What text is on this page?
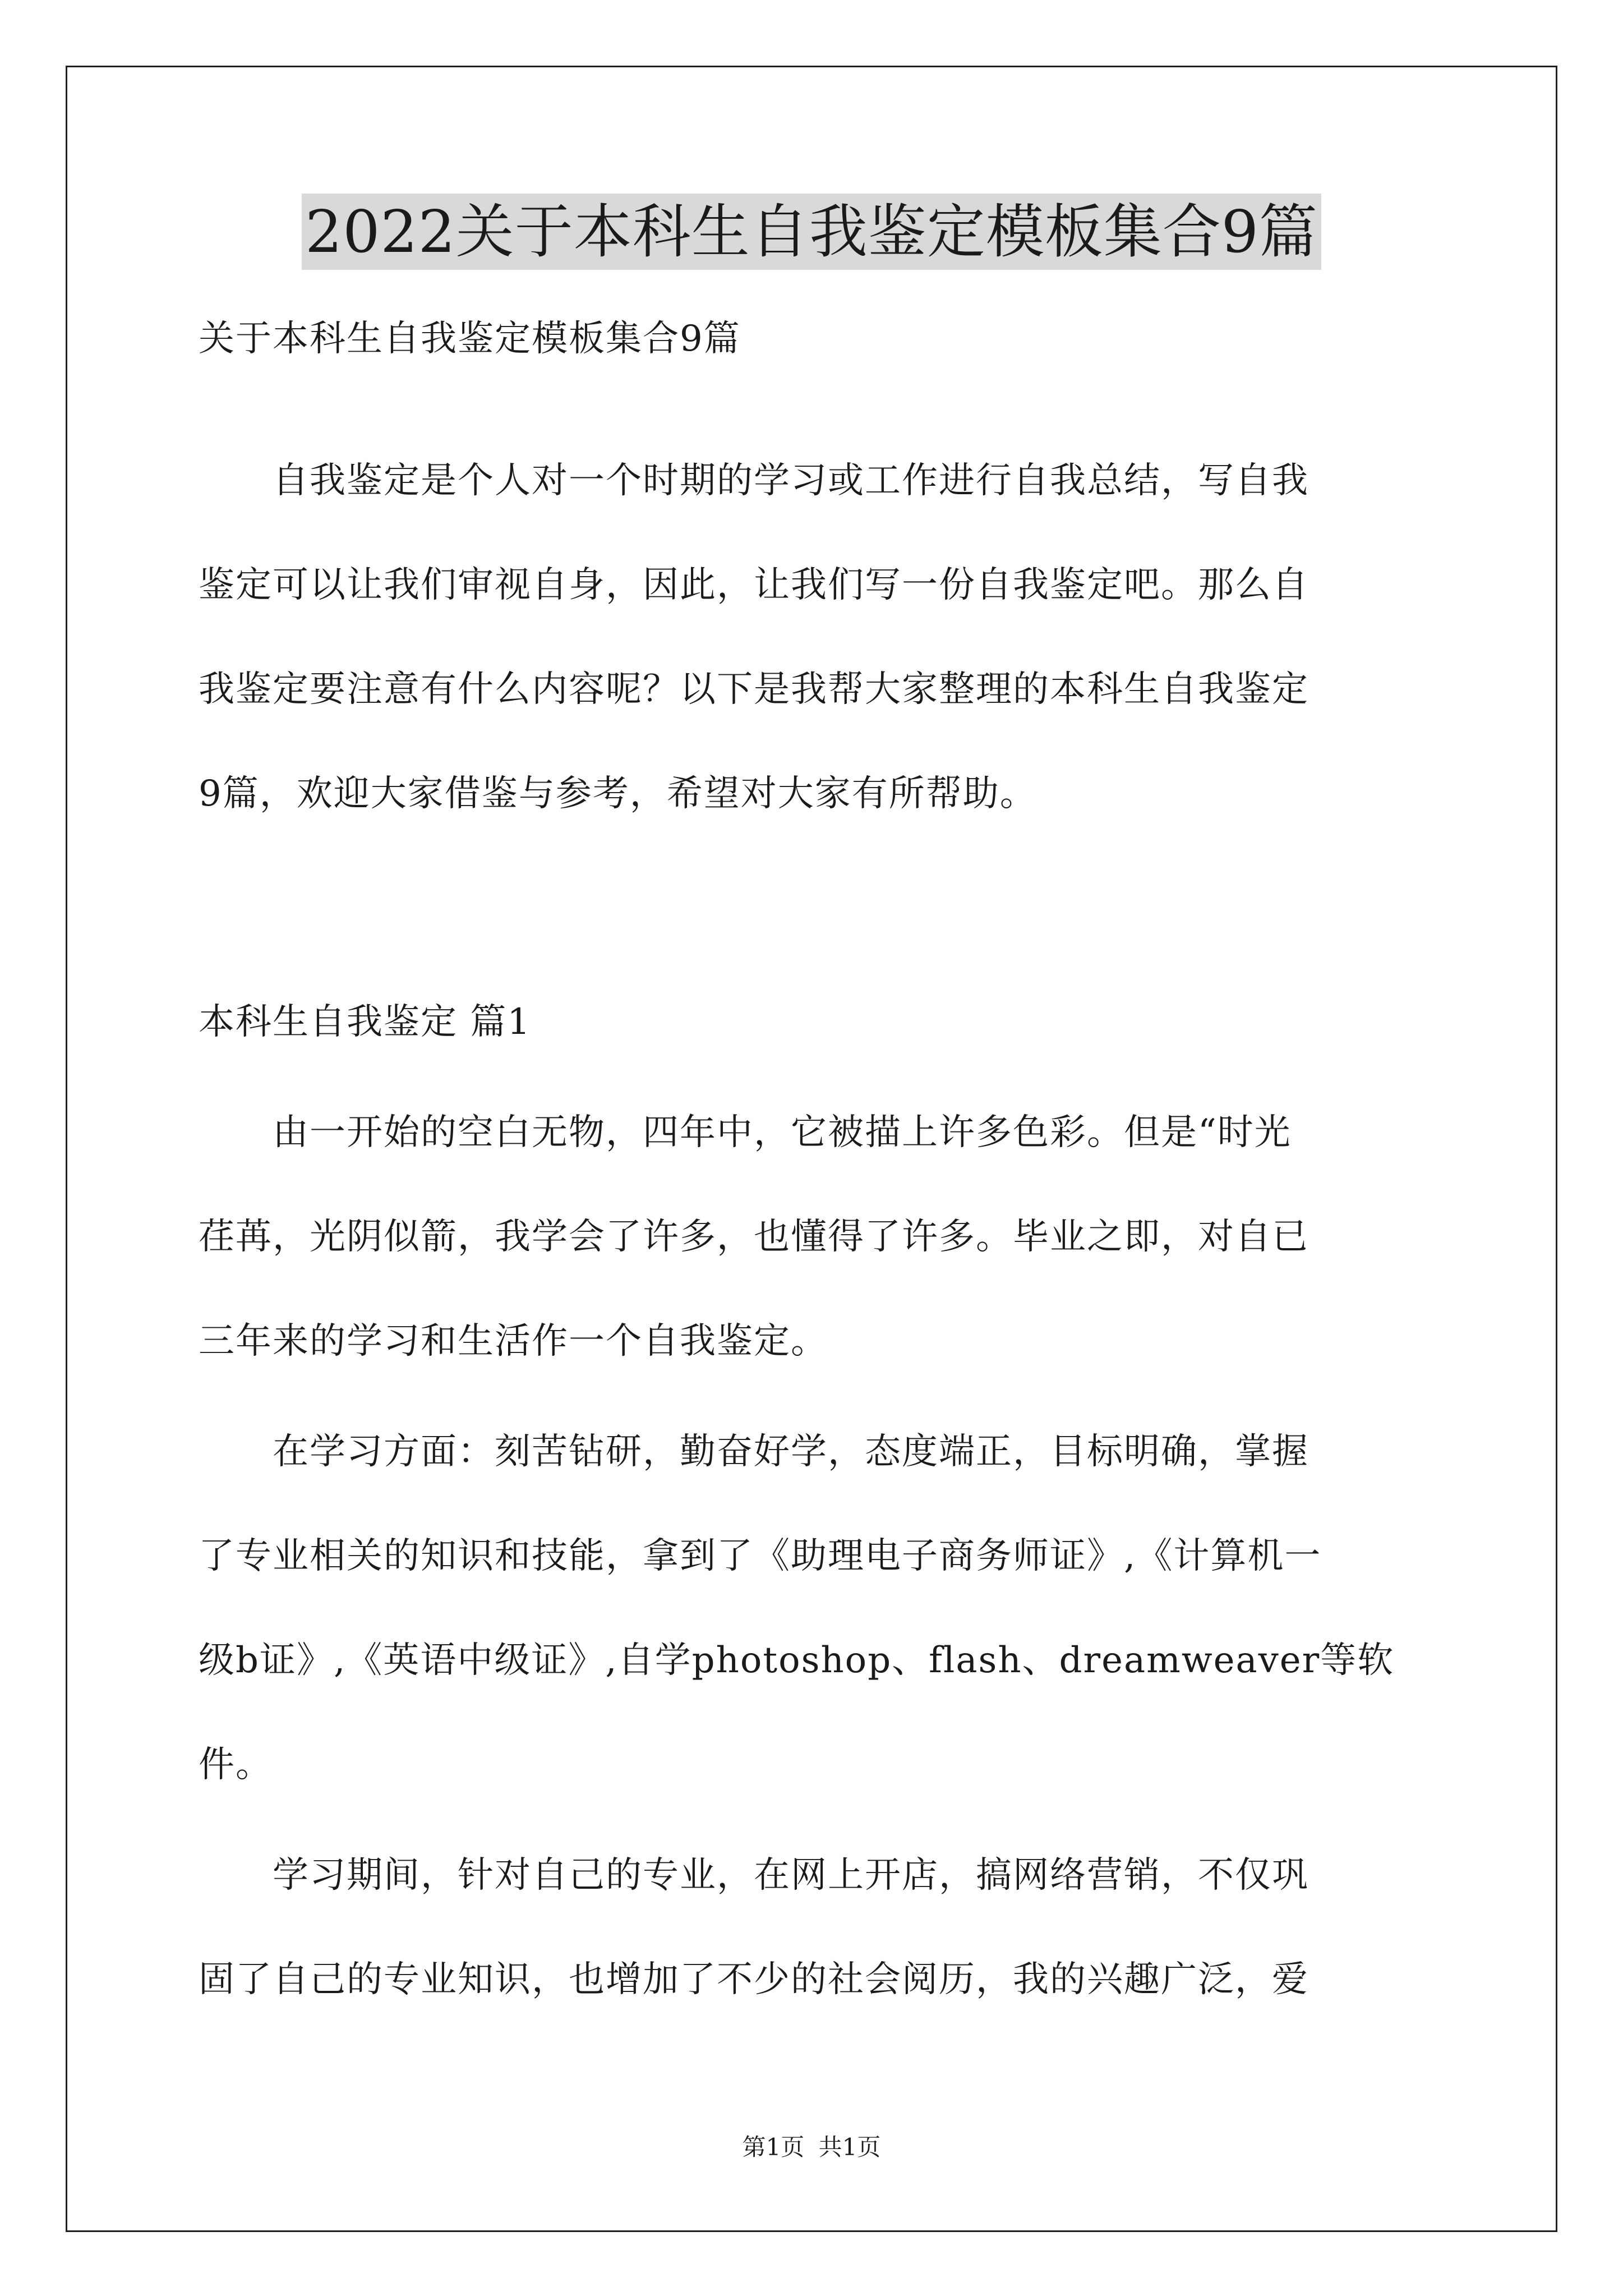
2022关于本科生自我鉴定模板集合9篇
关于本科生自我鉴定模板集合9篇
　　自我鉴定是个人对一个时期的学习或工作进行自我总结，写自我
鉴定可以让我们审视自身，因此，让我们写一份自我鉴定吧。那么自
我鉴定要注意有什么内容呢？以下是我帮大家整理的本科生自我鉴定
9篇，欢迎大家借鉴与参考，希望对大家有所帮助。
本科生自我鉴定 篇1
　　由一开始的空白无物，四年中，它被描上许多色彩。但是“时光
荏苒，光阴似箭，我学会了许多，也懂得了许多。毕业之即，对自已
三年来的学习和生活作一个自我鉴定。
　　在学习方面：刻苦钻研，勤奋好学，态度端正，目标明确，掌握
了专业相关的知识和技能，拿到了《助理电子商务师证》,《计算机一
级b证》,《英语中级证》,自学photoshop、flash、dreamweaver等软
件。
　　学习期间，针对自己的专业，在网上开店，搞网络营销，不仅巩
固了自己的专业知识，也增加了不少的社会阅历，我的兴趣广泛，爱
第1页 共1页
